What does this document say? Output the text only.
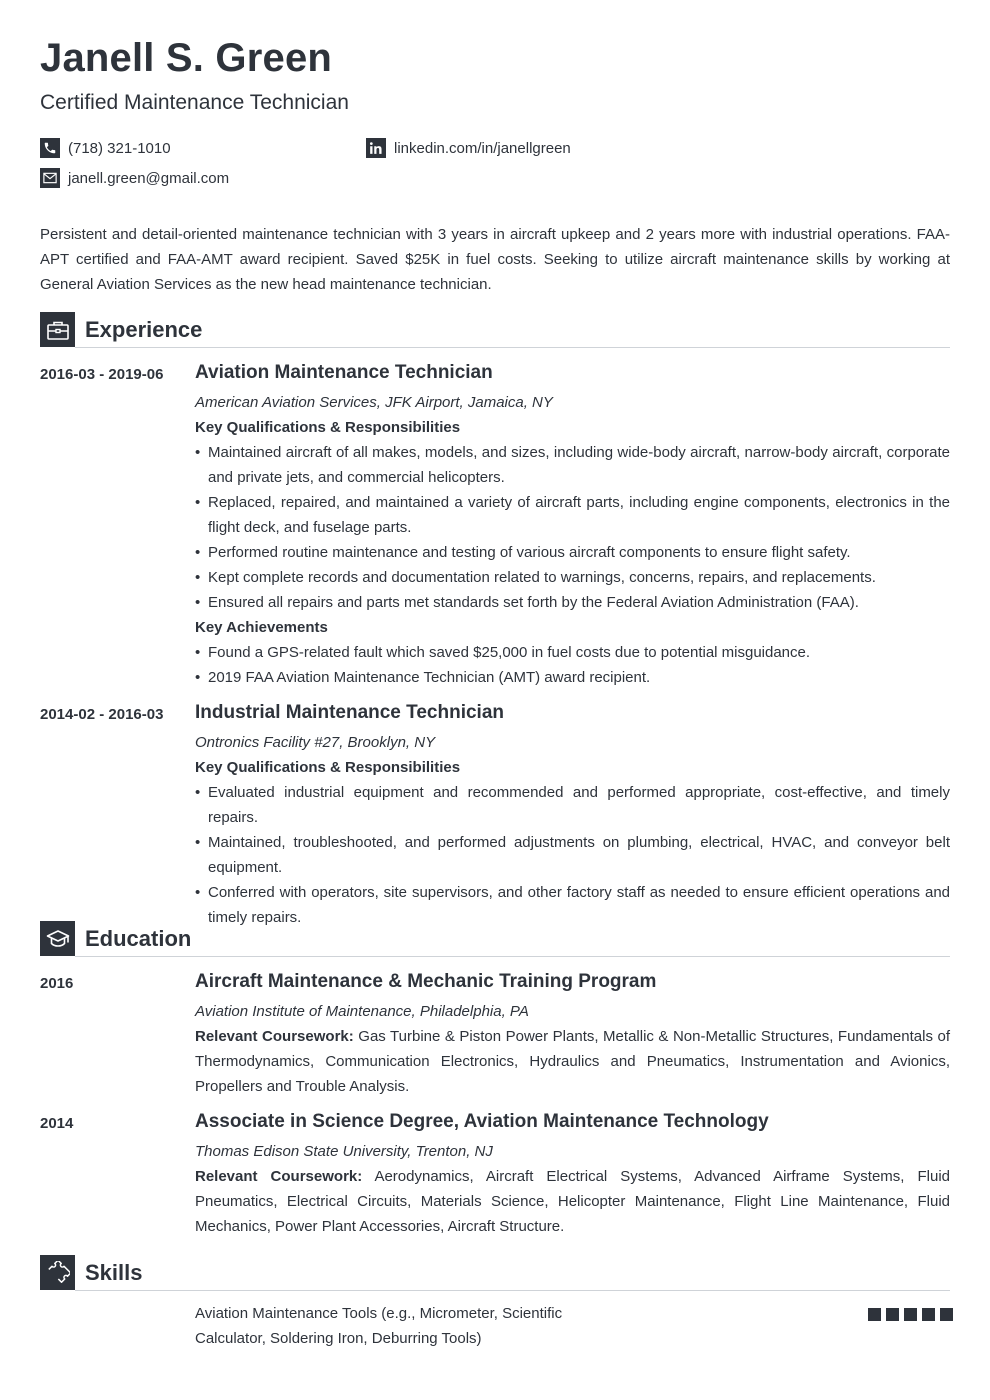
Janell S. Green
Certified Maintenance Technician
(718) 321-1010
janell.green@gmail.com
linkedin.com/in/janellgreen
Persistent and detail-oriented maintenance technician with 3 years in aircraft upkeep and 2 years more with industrial operations. FAA-APT certified and FAA-AMT award recipient. Saved $25K in fuel costs. Seeking to utilize aircraft maintenance skills by working at General Aviation Services as the new head maintenance technician.
Experience
2016-03 - 2019-06 Aviation Maintenance Technician
American Aviation Services, JFK Airport, Jamaica, NY
Key Qualifications & Responsibilities
• Maintained aircraft of all makes, models, and sizes, including wide-body aircraft, narrow-body aircraft, corporate and private jets, and commercial helicopters.
• Replaced, repaired, and maintained a variety of aircraft parts, including engine components, electronics in the flight deck, and fuselage parts.
• Performed routine maintenance and testing of various aircraft components to ensure flight safety.
• Kept complete records and documentation related to warnings, concerns, repairs, and replacements.
• Ensured all repairs and parts met standards set forth by the Federal Aviation Administration (FAA).
Key Achievements
• Found a GPS-related fault which saved $25,000 in fuel costs due to potential misguidance.
• 2019 FAA Aviation Maintenance Technician (AMT) award recipient.
2014-02 - 2016-03 Industrial Maintenance Technician
Ontronics Facility #27, Brooklyn, NY
Key Qualifications & Responsibilities
• Evaluated industrial equipment and recommended and performed appropriate, cost-effective, and timely repairs.
• Maintained, troubleshooted, and performed adjustments on plumbing, electrical, HVAC, and conveyor belt equipment.
• Conferred with operators, site supervisors, and other factory staff as needed to ensure efficient operations and timely repairs.
Education
2016	Aircraft Maintenance & Mechanic Training Program
Aviation Institute of Maintenance, Philadelphia, PA
Relevant Coursework: Gas Turbine & Piston Power Plants, Metallic & Non-Metallic Structures, Fundamentals of Thermodynamics, Communication Electronics, Hydraulics and Pneumatics, Instrumentation and Avionics, Propellers and Trouble Analysis.
2014	Associate in Science Degree, Aviation Maintenance Technology
Thomas Edison State University, Trenton, NJ
Relevant Coursework: Aerodynamics, Aircraft Electrical Systems, Advanced Airframe Systems, Fluid Pneumatics, Electrical Circuits, Materials Science, Helicopter Maintenance, Flight Line Maintenance, Fluid Mechanics, Power Plant Accessories, Aircraft Structure.
Skills
Aviation Maintenance Tools (e.g., Micrometer, Scientific Calculator, Soldering Iron, Deburring Tools)
